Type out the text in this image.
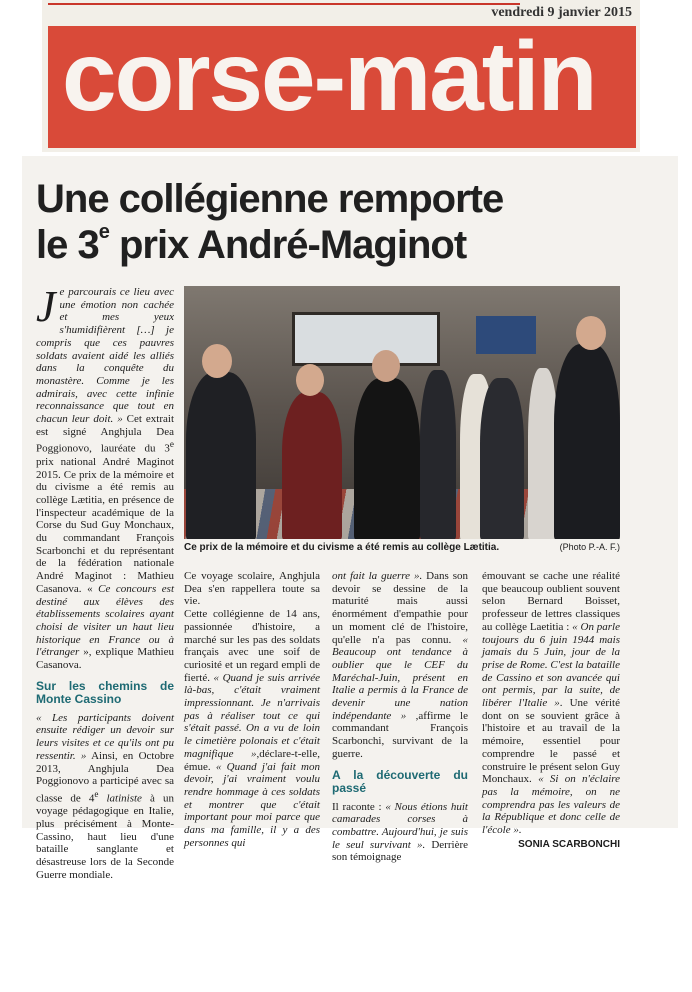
vendredi 9 janvier 2015
corse-matin
Une collégienne remporte
le 3e prix André-Maginot

Je parcourais ce lieu avec une émotion non cachée et mes yeux s'humidifièrent […] je compris que ces pauvres soldats avaient aidé les alliés dans la conquête du monastère. Comme je les admirais, avec cette infinie reconnaissance que tout en chacun leur doit. » Cet extrait est signé Anghjula Dea Poggionovo, lauréate du 3e prix national André Maginot 2015. Ce prix de la mémoire et du civisme a été remis au collège Lætitia, en présence de l'inspecteur académique de la Corse du Sud Guy Monchaux, du commandant François Scarbonchi et du représentant de la fédération nationale André Maginot : Mathieu Casanova. « Ce concours est destiné aux élèves des établissements scolaires ayant choisi de visiter un haut lieu historique en France ou à l'étranger », explique Mathieu Casanova.

Sur les chemins de Monte Cassino

« Les participants doivent ensuite rédiger un devoir sur leurs visites et ce qu'ils ont pu ressentir. » Ainsi, en Octobre 2013, Anghjula Dea Poggionovo a participé avec sa classe de 4e latiniste à un voyage pédagogique en Italie, plus précisément à Monte-Cassino, haut lieu d'une bataille sanglante et désastreuse lors de la Seconde Guerre mondiale.

Ce prix de la mémoire et du civisme a été remis au collège Lætitia.	(Photo P.-A. F.)

Ce voyage scolaire, Anghjula Dea s'en rappellera toute sa vie.

Cette collégienne de 14 ans, passionnée d'histoire, a marché sur les pas des soldats français avec une soif de curiosité et un regard empli de fierté. « Quand je suis arrivée là-bas, c'était vraiment impressionnant. Je n'arrivais pas à réaliser tout ce qui s'était passé. On a vu de loin le cimetière polonais et c'était magnifique »,déclare-t-elle, émue. « Quand j'ai fait mon devoir, j'ai vraiment voulu rendre hommage à ces soldats et montrer que c'était important pour moi parce que dans ma famille, il y a des personnes qui

ont fait la guerre ». Dans son devoir se dessine de la maturité mais aussi énormément d'empathie pour un moment clé de l'histoire, qu'elle n'a pas connu. « Beaucoup ont tendance à oublier que le CEF du Maréchal-Juin, présent en Italie a permis à la France de devenir une nation indépendante » ,affirme le commandant François Scarbonchi, survivant de la guerre.

A la découverte du passé

Il raconte : « Nous étions huit camarades corses à combattre. Aujourd'hui, je suis le seul survivant ». Derrière son témoignage

émouvant se cache une réalité que beaucoup oublient souvent selon Bernard Boisset, professeur de lettres classiques au collège Laetitia : « On parle toujours du 6 juin 1944 mais jamais du 5 Juin, jour de la prise de Rome. C'est la bataille de Cassino et son avancée qui ont permis, par la suite, de libérer l'Italie ». Une vérité dont on se souvient grâce à l'histoire et au travail de la mémoire, essentiel pour comprendre le passé et construire le présent selon Guy Monchaux. « Si on n'éclaire pas la mémoire, on ne comprendra pas les valeurs de la République et donc celle de l'école ».

SONIA SCARBONCHI
